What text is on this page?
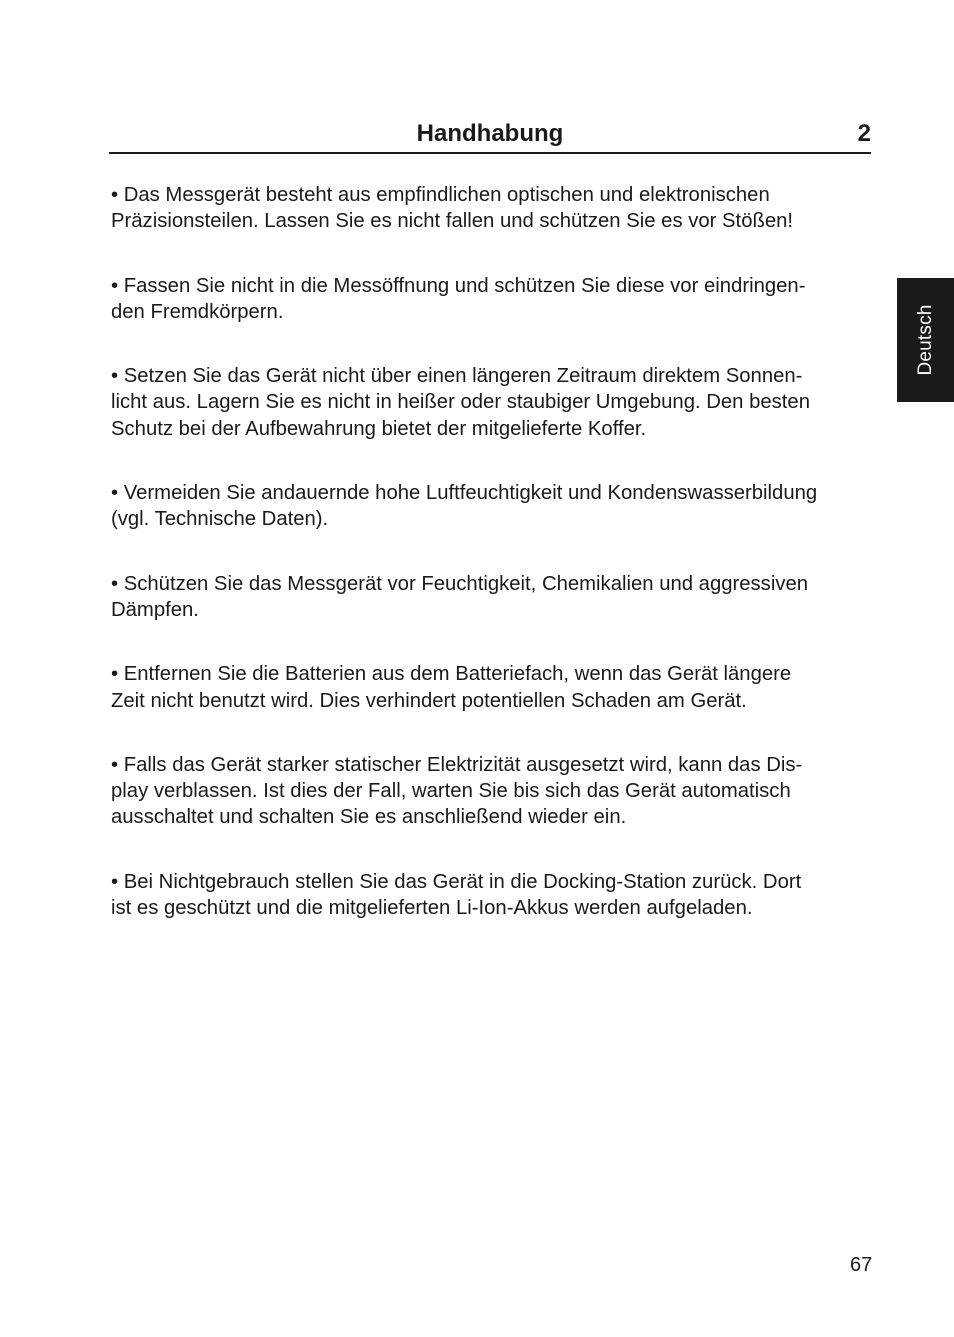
Handhabung	2
Deutsch

• Das Messgerät besteht aus empfindlichen optischen und elektronischen
Präzisionsteilen. Lassen Sie es nicht fallen und schützen Sie es vor Stößen!

• Fassen Sie nicht in die Messöffnung und schützen Sie diese vor eindringen-
den Fremdkörpern.

• Setzen Sie das Gerät nicht über einen längeren Zeitraum direktem Sonnen-
licht aus. Lagern Sie es nicht in heißer oder staubiger Umgebung. Den besten
Schutz bei der Aufbewahrung bietet der mitgelieferte Koffer.

• Vermeiden Sie andauernde hohe Luftfeuchtigkeit und Kondenswasserbildung
(vgl. Technische Daten).

• Schützen Sie das Messgerät vor Feuchtigkeit, Chemikalien und aggressiven
Dämpfen.

• Entfernen Sie die Batterien aus dem Batteriefach, wenn das Gerät längere
Zeit nicht benutzt wird. Dies verhindert potentiellen Schaden am Gerät.

• Falls das Gerät starker statischer Elektrizität ausgesetzt wird, kann das Dis-
play verblassen. Ist dies der Fall, warten Sie bis sich das Gerät automatisch
ausschaltet und schalten Sie es anschließend wieder ein.

• Bei Nichtgebrauch stellen Sie das Gerät in die Docking-Station zurück. Dort
ist es geschützt und die mitgelieferten Li-Ion-Akkus werden aufgeladen.

67
